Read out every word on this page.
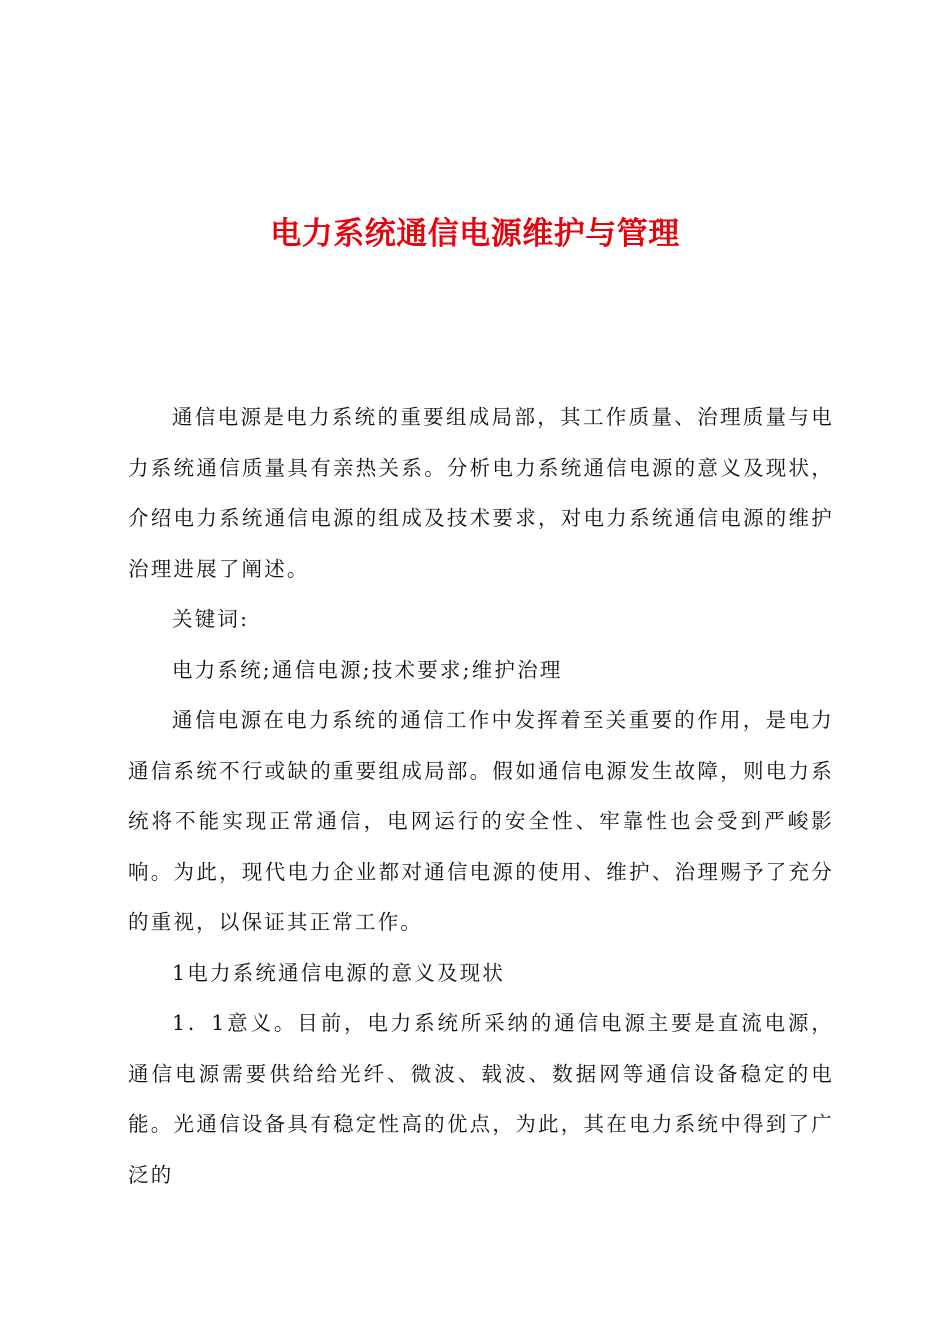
电力系统通信电源维护与管理

通信电源是电力系统的重要组成局部，其工作质量、治理质量与电力系统通信质量具有亲热关系。分析电力系统通信电源的意义及现状，介绍电力系统通信电源的组成及技术要求，对电力系统通信电源的维护治理进展了阐述。

关键词:

电力系统;通信电源;技术要求;维护治理

通信电源在电力系统的通信工作中发挥着至关重要的作用，是电力通信系统不行或缺的重要组成局部。假如通信电源发生故障，则电力系统将不能实现正常通信，电网运行的安全性、牢靠性也会受到严峻影响。为此，现代电力企业都对通信电源的使用、维护、治理赐予了充分的重视，以保证其正常工作。

1电力系统通信电源的意义及现状

1．1意义。目前，电力系统所采纳的通信电源主要是直流电源，通信电源需要供给给光纤、微波、载波、数据网等通信设备稳定的电能。光通信设备具有稳定性高的优点，为此，其在电力系统中得到了广泛的
